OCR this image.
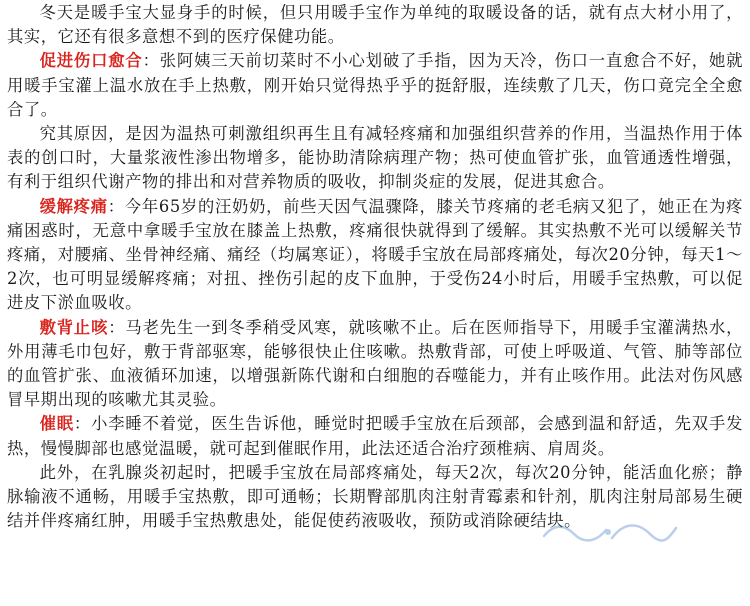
冬天是暖手宝大显身手的时候，但只用暖手宝作为单纯的取暖设备的话，就有点大材小用了，其实，它还有很多意想不到的医疗保健功能。

促进伤口愈合：张阿姨三天前切菜时不小心划破了手指，因为天冷，伤口一直愈合不好，她就用暖手宝灌上温水放在手上热敷，刚开始只觉得热乎乎的挺舒服，连续敷了几天，伤口竟完全全愈合了。

究其原因，是因为温热可刺激组织再生且有减轻疼痛和加强组织营养的作用，当温热作用于体表的创口时，大量浆液性渗出物增多，能协助清除病理产物；热可使血管扩张，血管通透性增强，有利于组织代谢产物的排出和对营养物质的吸收，抑制炎症的发展，促进其愈合。

缓解疼痛：今年65岁的汪奶奶，前些天因气温骤降，膝关节疼痛的老毛病又犯了，她正在为疼痛困惑时，无意中拿暖手宝放在膝盖上热敷，疼痛很快就得到了缓解。其实热敷不光可以缓解关节疼痛，对腰痛、坐骨神经痛、痛经（均属寒证），将暖手宝放在局部疼痛处，每次20分钟，每天1～2次，也可明显缓解疼痛；对扭、挫伤引起的皮下血肿，于受伤24小时后，用暖手宝热敷，可以促进皮下淤血吸收。

敷背止咳：马老先生一到冬季稍受风寒，就咳嗽不止。后在医师指导下，用暖手宝灌满热水，外用薄毛巾包好，敷于背部驱寒，能够很快止住咳嗽。热敷背部，可使上呼吸道、气管、肺等部位的血管扩张、血液循环加速，以增强新陈代谢和白细胞的吞噬能力，并有止咳作用。此法对伤风感冒早期出现的咳嗽尤其灵验。

催眠：小李睡不着觉，医生告诉他，睡觉时把暖手宝放在后颈部，会感到温和舒适，先双手发热，慢慢脚部也感觉温暖，就可起到催眠作用，此法还适合治疗颈椎病、肩周炎。

此外，在乳腺炎初起时，把暖手宝放在局部疼痛处，每天2次，每次20分钟，能活血化瘀；静脉输液不通畅，用暖手宝热敷，即可通畅；长期臀部肌肉注射青霉素和针剂，肌肉注射局部易生硬结并伴疼痛红肿，用暖手宝热敷患处，能促使药液吸收，预防或消除硬结块。
